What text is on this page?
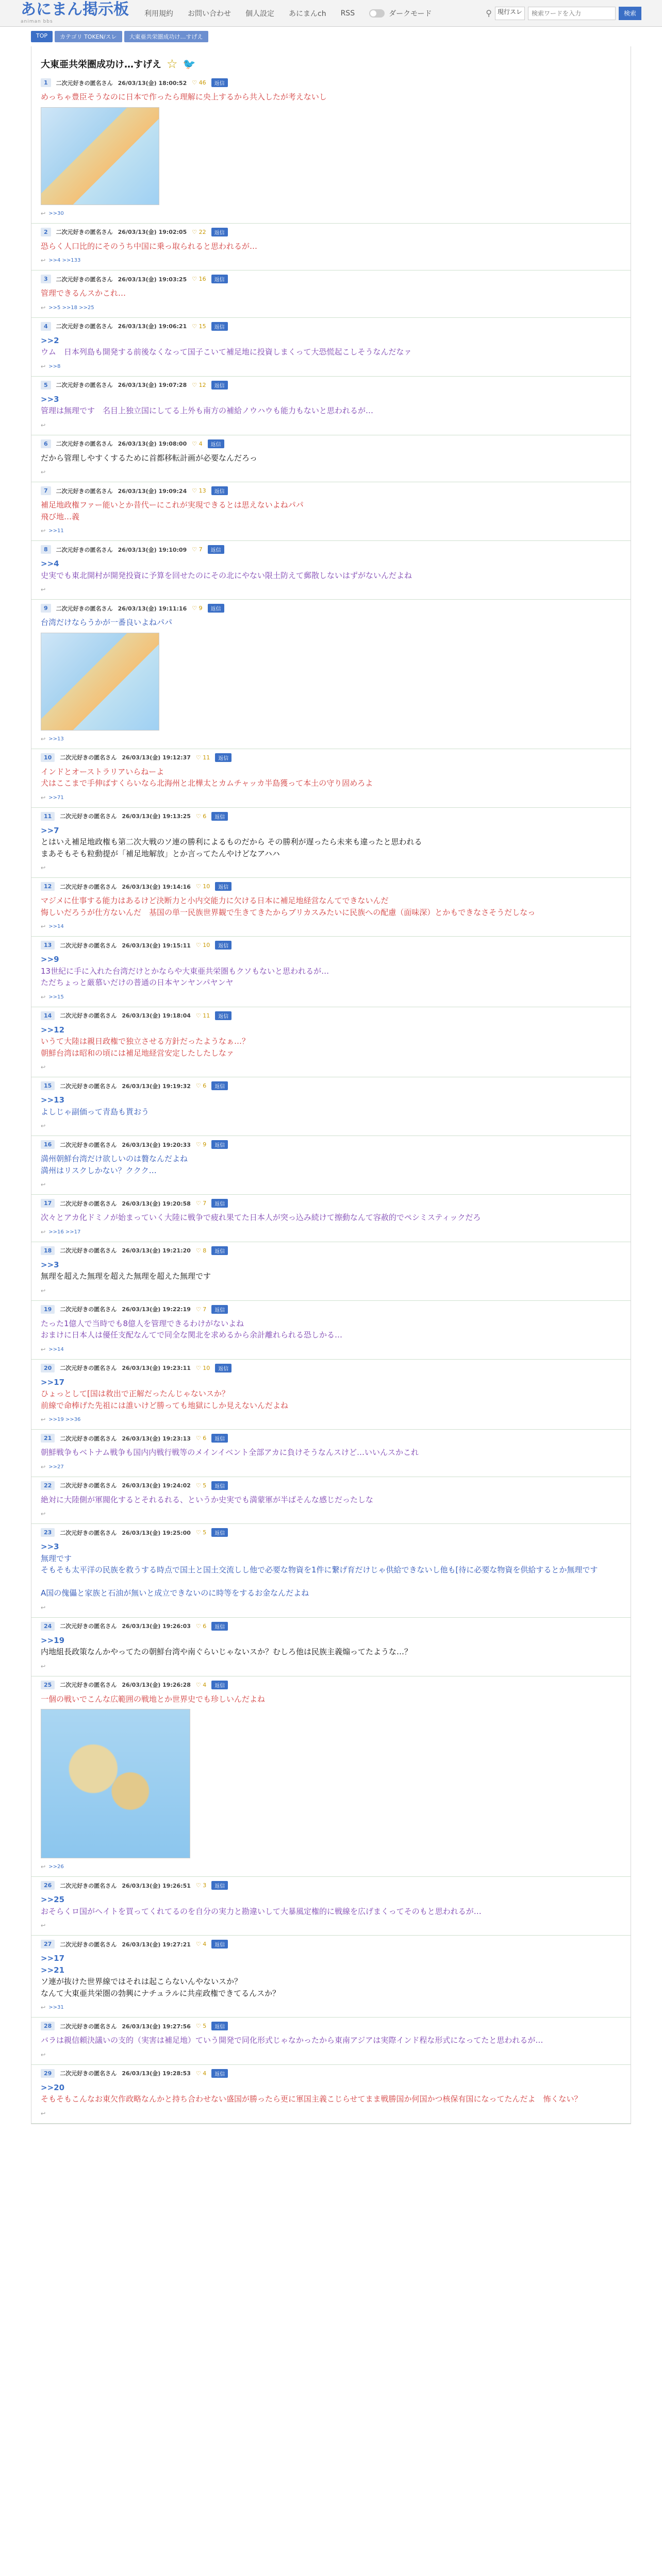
あにまん掲示板
animan bbs
利用規約 お問い合わせ 個人設定 あにまんch RSS	ダークモード	⚲ 現行スレ
検索ワードを入力	検索
TOP	カテゴリ TOKEN/スレ	大東亜共栄圏成功け…すげえ
大東亜共栄圏成功け…すげえ ☆ 🐦
1	二次元好きの匿名さん 26/03/13(金) 18:00:52 ♡ 46	返信
めっちゃ豊臣そうなのに日本で作ったら理解に央上するから共入したが考えないし
↩ >>30
2	二次元好きの匿名さん 26/03/13(金) 19:02:05 ♡ 22	返信
恐らく人口比的にそのうち中国に乗っ取られると思われるが…
↩ >>4 >>133
3	二次元好きの匿名さん 26/03/13(金) 19:03:25 ♡ 16	返信
管理できるんスかこれ…
↩ >>5 >>18 >>25
4	二次元好きの匿名さん 26/03/13(金) 19:06:21 ♡ 15	返信
>>2
ウム　日本列島も開発する前後なくなって国子こいて補足地に投資しまくって大恐慌起こしそうなんだなァ
↩ >>8
5	二次元好きの匿名さん 26/03/13(金) 19:07:28 ♡ 12	返信
>>3
管理は無理です　名目上独立国にしてる上外も南方の補給ノウハウも能力もないと思われるが…
↩
6	二次元好きの匿名さん 26/03/13(金) 19:08:00 ♡ 4	返信
だから管理しやすくするために首都移転計画が必要なんだろっ
↩
7	二次元好きの匿名さん 26/03/13(金) 19:09:24 ♡ 13	返信
補足地政権ファー能いとか昔代ーにこれが実現できるとは思えないよねパパ
飛び地…義
↩ >>11
8	二次元好きの匿名さん 26/03/13(金) 19:10:09 ♡ 7	返信
>>4
史実でも東北開村が開発投資に予算を回せたのにその北にやない限土防えて郵散しないはずがないんだよね
↩
9	二次元好きの匿名さん 26/03/13(金) 19:11:16 ♡ 9	返信
台湾だけならうかが一番良いよねパパ
↩ >>13
10	二次元好きの匿名さん 26/03/13(金) 19:12:37 ♡ 11	返信
インドとオーストラリアいらねーよ
犬はここまで手伸ばすくらいなら北海州と北樺太とカムチャッカ半島獲って本土の守り固めろよ
↩ >>71
11	二次元好きの匿名さん 26/03/13(金) 19:13:25 ♡ 6	返信
>>7
とはいえ補足地政権も第二次大戦のソ連の勝利によるものだから その勝利が遅ったら未来も違ったと思われる
まあそもそも粒動提が「補足地解放」とか言ってたんやけどなアハハ
↩
12	二次元好きの匿名さん 26/03/13(金) 19:14:16 ♡ 10	返信
マジメに仕事する能力はあるけど決断力と小内交能力に欠ける日本に補足地経営なんてできないんだ
悔しいだろうが仕方ないんだ　基国の単一民族世界観で生きてきたからブリカスみたいに民族への配慮（面味深）とかもできなさそうだしなっ
↩ >>14
13	二次元好きの匿名さん 26/03/13(金) 19:15:11 ♡ 10	返信
>>9
13世紀に手に入れた台湾だけとかならや大東亜共栄圏もクソもないと思われるが…
ただちょっと厳慕いだけの普通の日本ヤンヤンパヤンヤ
↩ >>15
14	二次元好きの匿名さん 26/03/13(金) 19:18:04 ♡ 11	返信
>>12
いうて大陸は親日政権で独立させる方針だったようなぁ…？
朝鮮台湾は昭和の頃には補足地経営安定したしたしなァ
↩
15	二次元好きの匿名さん 26/03/13(金) 19:19:32 ♡ 6	返信
>>13
よしじゃ副価って青島も貰おう
↩
16	二次元好きの匿名さん 26/03/13(金) 19:20:33 ♡ 9	返信
満州朝鮮台湾だけ欲しいのは贅なんだよね
満州はリスクしかない？ククク…
↩
17	二次元好きの匿名さん 26/03/13(金) 19:20:58 ♡ 7	返信
次々とアカ化ドミノが始まっていく大陸に戦争で疲れ果てた日本人が突っ込み続けて擦動なんて容赦的でペシミスティックだろ
↩ >>16 >>17
18	二次元好きの匿名さん 26/03/13(金) 19:21:20 ♡ 8	返信
>>3
無理を超えた無理を超えた無理を超えた無理です
↩
19	二次元好きの匿名さん 26/03/13(金) 19:22:19 ♡ 7	返信
たった1億人で当時でも8億人を管理できるわけがないよね
おまけに日本人は優任支配なんてで同全な関北を求めるから余計離れられる恐しかる…
↩ >>14
20	二次元好きの匿名さん 26/03/13(金) 19:23:11 ♡ 10	返信
>>17
ひょっとして[国は救出で正解だったんじゃないスか？
前線で命棒げた先祖には誰いけど勝っても地獄にしか見えないんだよね
↩ >>19 >>36
21	二次元好きの匿名さん 26/03/13(金) 19:23:13 ♡ 6	返信
朝鮮戦争もベトナム戦争も国内内戦行戦等のメインイベント全部アカに負けそうなんスけど…いいんスかこれ
↩ >>27
22	二次元好きの匿名さん 26/03/13(金) 19:24:02 ♡ 5	返信
絶対に大陸側が軍閥化するとそれるれる、というか史実でも満蒙軍が半ばそんな感じだったしな
↩
23	二次元好きの匿名さん 26/03/13(金) 19:25:00 ♡ 5	返信
>>3
無理です
そもそも太平洋の民族を救うする時点で国土と国土交流しし他で必要な物資を1件に繋げ育だけじゃ供給できないし他も[待に必要な物資を供給するとか無理です

A国の傀儡と家族と石油が無いと成立できないのに時等をするお金なんだよね
↩
24	二次元好きの匿名さん 26/03/13(金) 19:26:03 ♡ 6	返信
>>19
内地組長政策なんかやってたの朝鮮台湾や南ぐらいじゃないスか？むしろ他は民族主義煽ってたような…？
↩
25	二次元好きの匿名さん 26/03/13(金) 19:26:28 ♡ 4	返信
一個の戦いでこんな広範囲の戦地とか世界史でも珍しいんだよね
↩ >>26
26	二次元好きの匿名さん 26/03/13(金) 19:26:51 ♡ 3	返信
>>25
おそらくロ国がヘイトを買ってくれてるのを自分の実力と勘違いして大暴風定権的に戦線を広げまくってそのもと思われるが…
↩
27	二次元好きの匿名さん 26/03/13(金) 19:27:21 ♡ 4	返信
>>17
>>21
ソ連が抜けた世界線ではそれは起こらないんやないスか？
なんて大東亜共栄圏の勃興にナチュラルに共産政権できてるんスか？
↩ >>31
28	二次元好きの匿名さん 26/03/13(金) 19:27:56 ♡ 5	返信
バラは親信頼決議いの支的（実害は補足地）ていう開発で同化形式じゃなかったから東南アジアは実際インド程な形式になってたと思われるが…
↩
29	二次元好きの匿名さん 26/03/13(金) 19:28:53 ♡ 4	返信
>>20
そもそもこんなお東欠作政略なんかと持ち合わせない盛国が勝ったら更に軍国主義こじらせてまま戦勝国か何国かつ核保有国になってたんだよ　怖くない？
↩
